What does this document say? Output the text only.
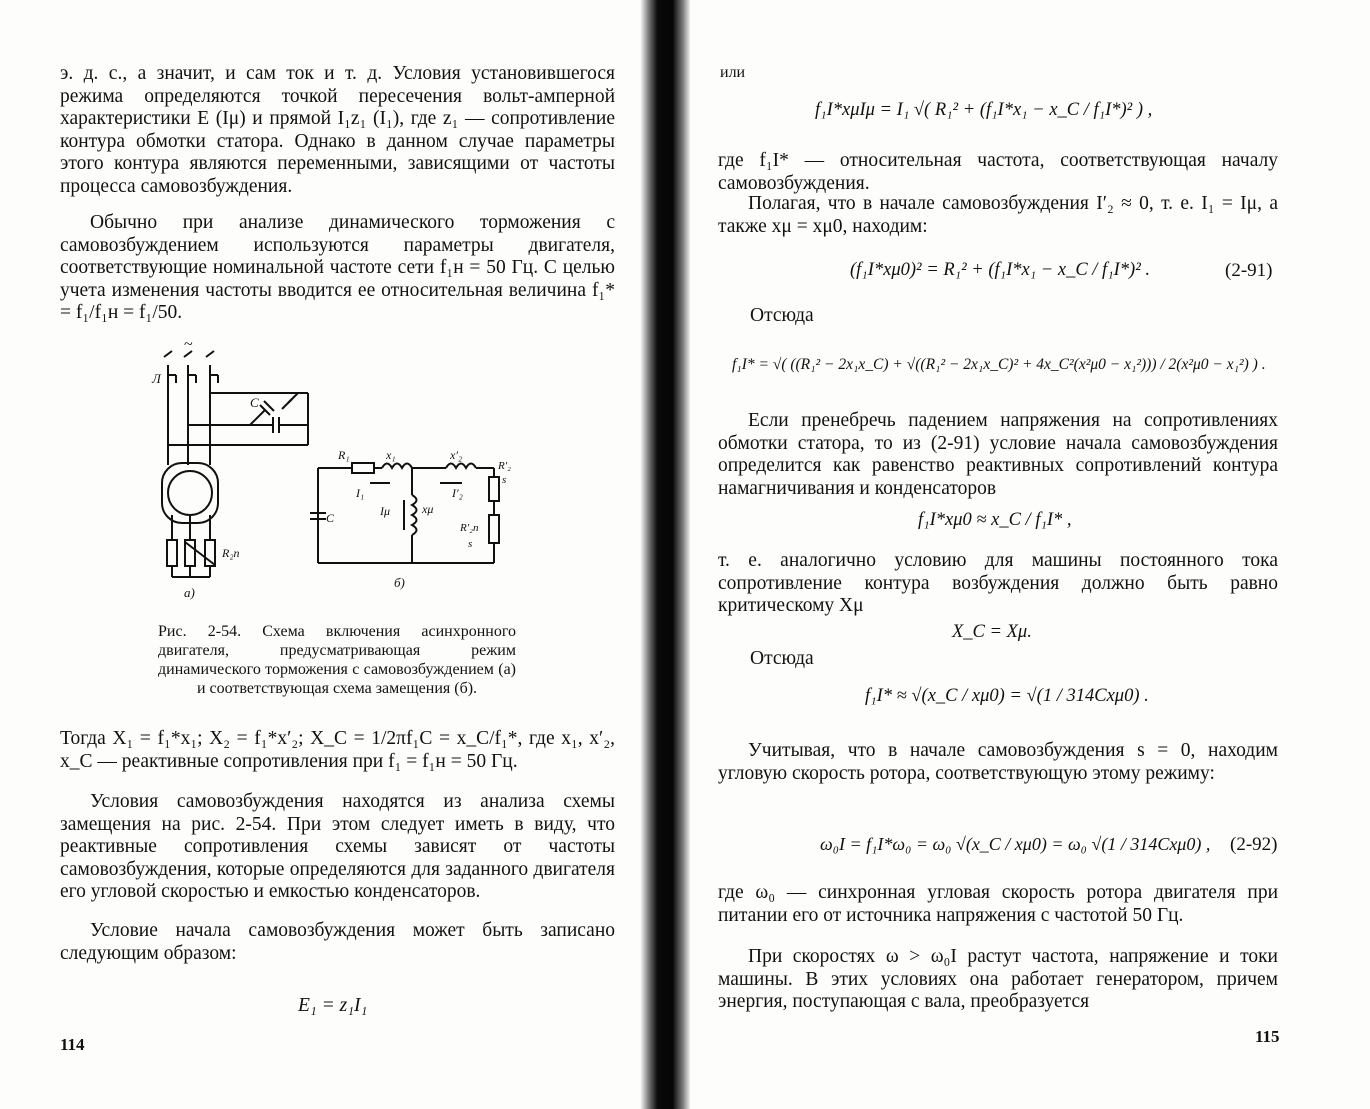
э. д. с., а значит, и сам ток и т. д. Условия установившегося режима определяются точкой пересечения вольт-амперной характеристики E (Iμ) и прямой I₁z₁ (I₁), где z₁ — сопротивление контура обмотки статора. Однако в данном случае параметры этого контура являются переменными, зависящими от частоты процесса самовозбуждения.

Обычно при анализе динамического торможения с самовозбуждением используются параметры двигателя, соответствующие номинальной частоте сети f₁н = 50 Гц. С целью учета изменения частоты вводится ее относительная величина f₁* = f₁/f₁н = f₁/50.

~
Л
C
R₂п
а)
б)
R₁	x₁	x′₂
R′₂
s
I₁	I′₂
Iμ	xμ
C
R′₂п
s

Рис. 2-54. Схема включения асинхронного двигателя, предусматривающая режим динамического торможения с самовозбуждением (а) и соответствующая схема замещения (б).

Тогда X₁ = f₁*x₁; X₂ = f₁*x′₂; X_C = 1/2πf₁C = x_C/f₁*, где x₁, x′₂, x_C — реактивные сопротивления при f₁ = f₁н = 50 Гц.

Условия самовозбуждения находятся из анализа схемы замещения на рис. 2-54. При этом следует иметь в виду, что реактивные сопротивления схемы зависят от частоты самовозбуждения, которые определяются для заданного двигателя его угловой скоростью и емкостью конденсаторов.

Условие начала самовозбуждения может быть записано следующим образом:

E₁ = z₁I₁
114
или
f₁I*xμIμ = I₁ √( R₁² + (f₁I*x₁ − x_C / f₁I*)² ) ,

где f₁I* — относительная частота, соответствующая началу самовозбуждения.

Полагая, что в начале самовозбуждения I′₂ ≈ 0, т. е. I₁ = Iμ, а также xμ = xμ0, находим:

(f₁I*xμ0)² = R₁² + (f₁I*x₁ − x_C / f₁I*)² .	(2-91)

Отсюда

f₁I* = √( ((R₁² − 2x₁x_C) + √((R₁² − 2x₁x_C)² + 4x_C²(x²μ0 − x₁²))) / 2(x²μ0 − x₁²) ) .

Если пренебречь падением напряжения на сопротивлениях обмотки статора, то из (2-91) условие начала самовозбуждения определится как равенство реактивных сопротивлений контура намагничивания и конденсаторов

f₁I*xμ0 ≈ x_C / f₁I* ,

т. е. аналогично условию для машины постоянного тока сопротивление контура возбуждения должно быть равно критическому Xμ

X_C = Xμ.

Отсюда

f₁I* ≈ √(x_C / xμ0) = √(1 / 314Cxμ0) .

Учитывая, что в начале самовозбуждения s = 0, находим угловую скорость ротора, соответствующую этому режиму:

ω₀I = f₁I*ω₀ = ω₀ √(x_C / xμ0) = ω₀ √(1 / 314Cxμ0) , (2-92)

где ω₀ — синхронная угловая скорость ротора двигателя при питании его от источника напряжения с частотой 50 Гц.

При скоростях ω > ω₀I растут частота, напряжение и токи машины. В этих условиях она работает генератором, причем энергия, поступающая с вала, преобразуется

115
